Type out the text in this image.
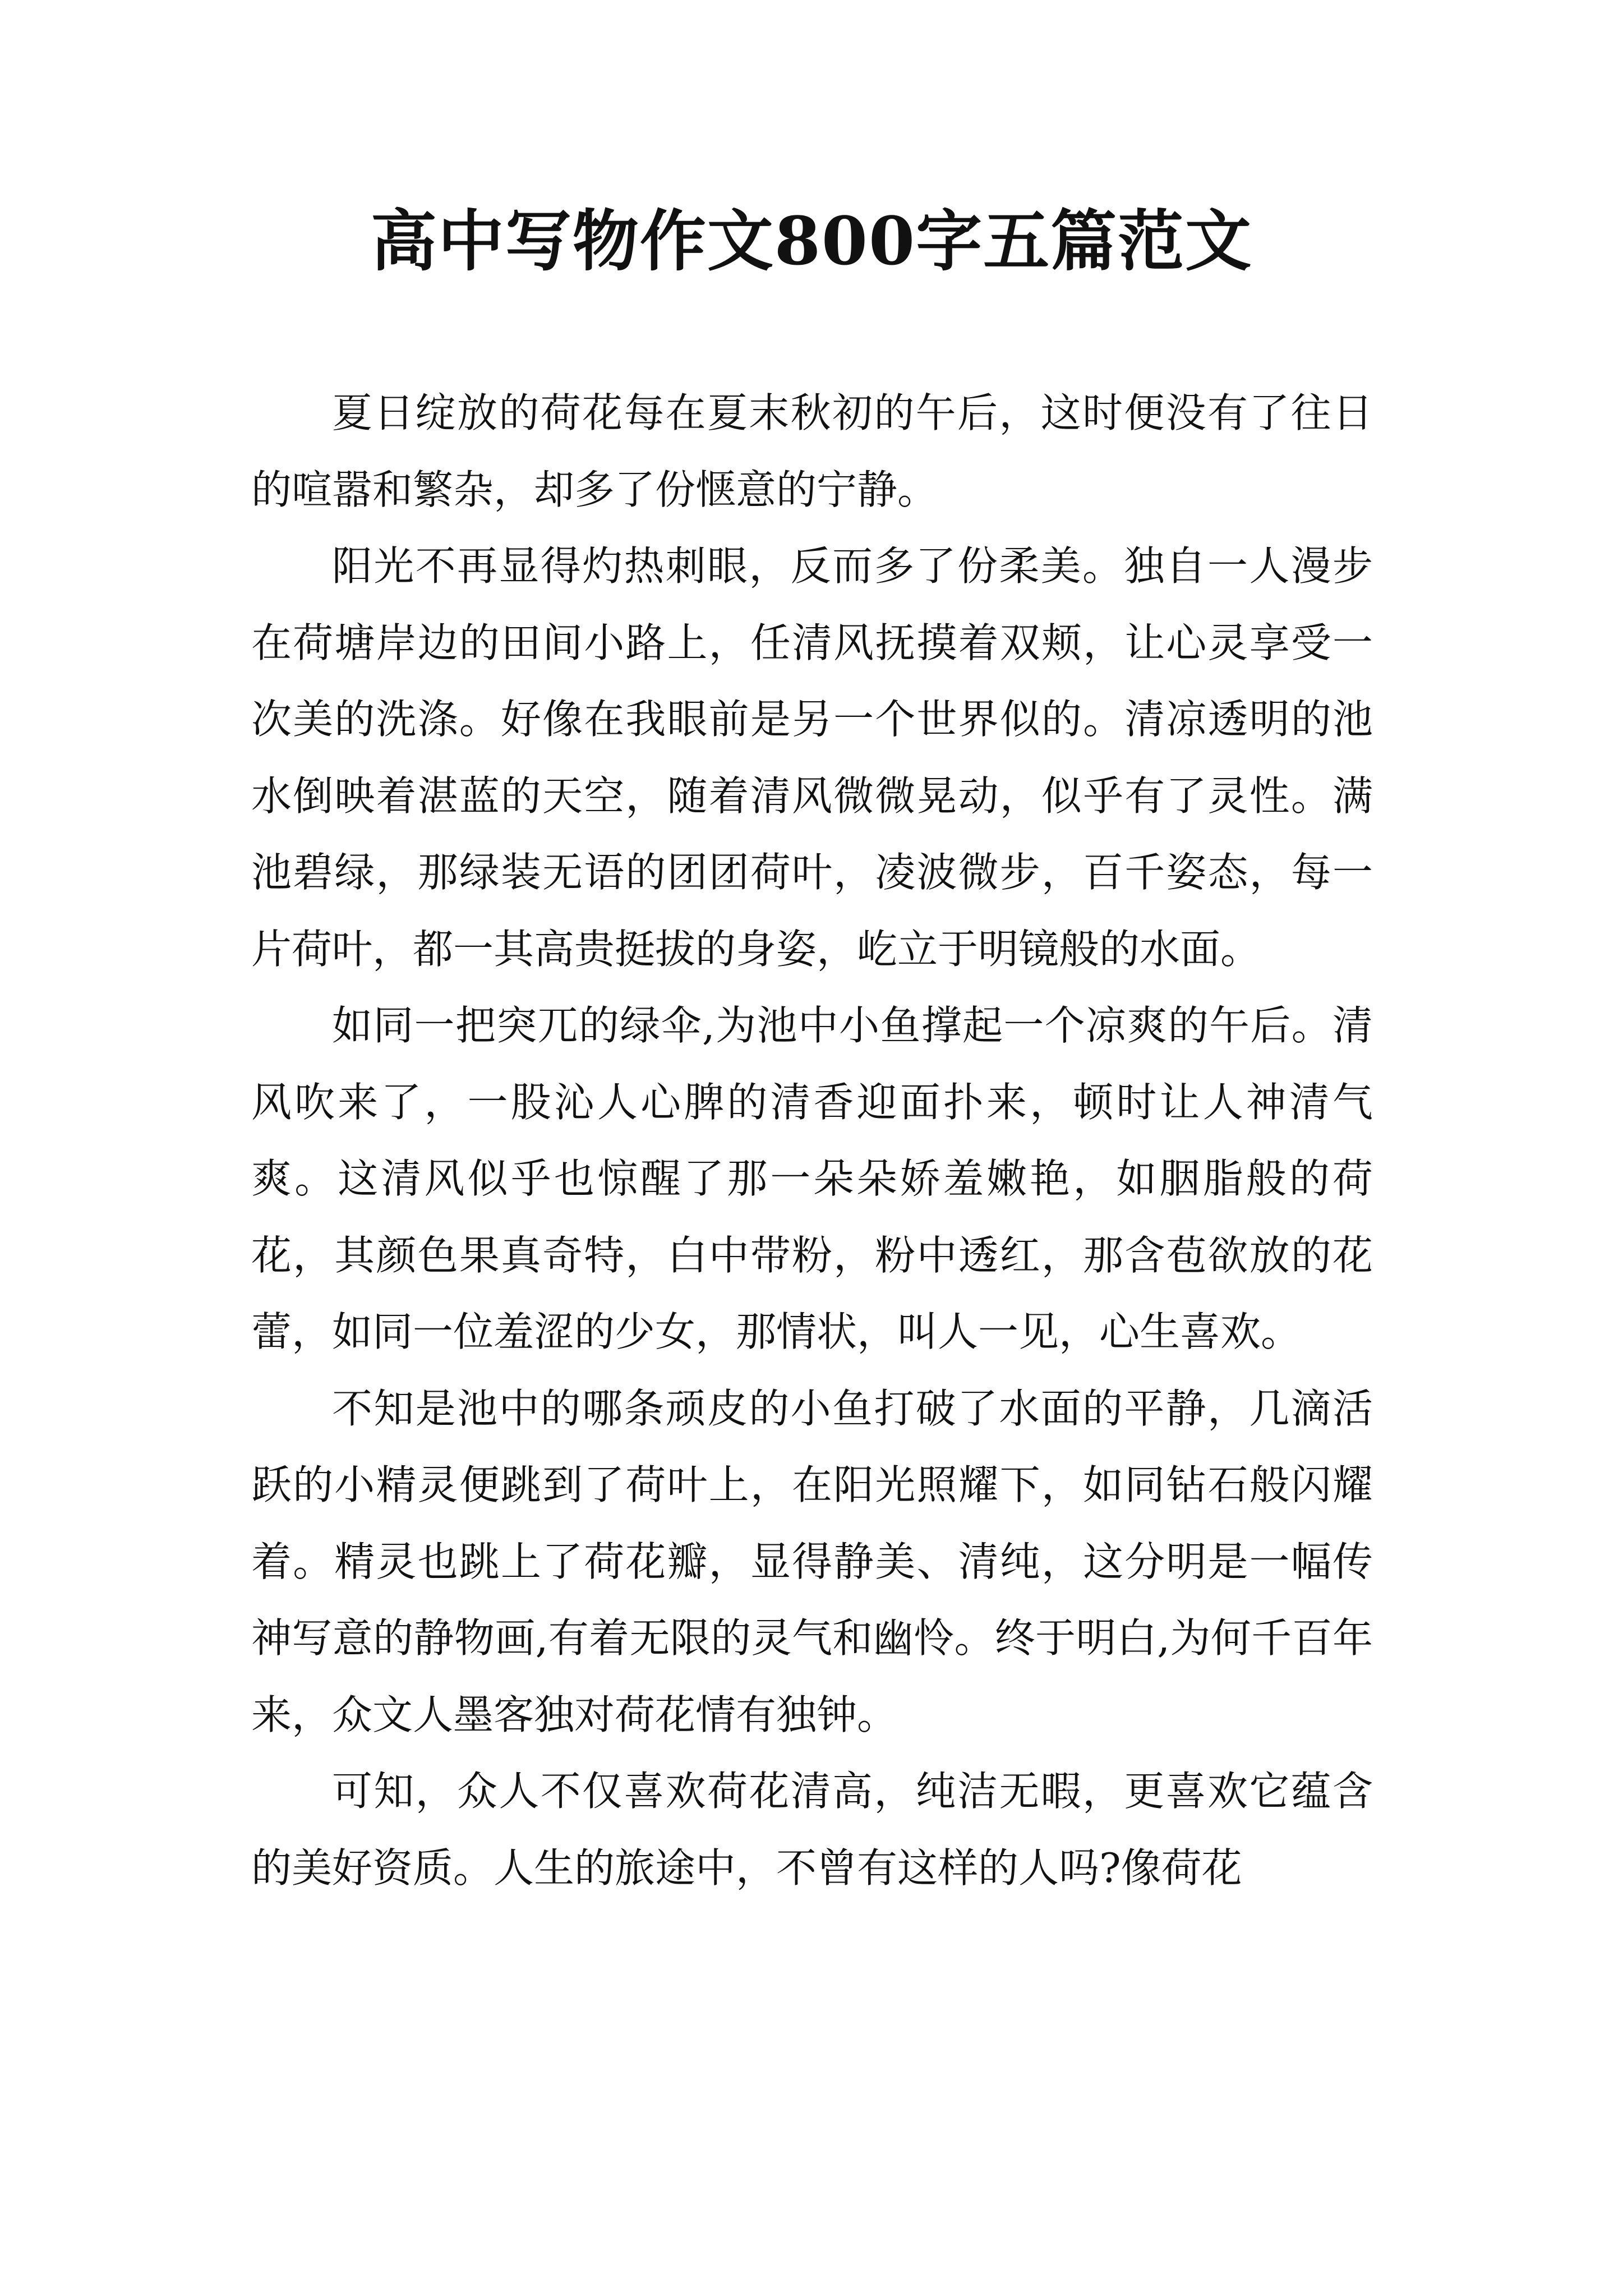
高中写物作文800字五篇范文

夏日绽放的荷花每在夏末秋初的午后，这时便没有了往日的喧嚣和繁杂，却多了份惬意的宁静。

阳光不再显得灼热刺眼，反而多了份柔美。独自一人漫步在荷塘岸边的田间小路上，任清风抚摸着双颊，让心灵享受一次美的洗涤。好像在我眼前是另一个世界似的。清凉透明的池水倒映着湛蓝的天空，随着清风微微晃动，似乎有了灵性。满池碧绿，那绿装无语的团团荷叶，凌波微步，百千姿态，每一片荷叶，都一其高贵挺拔的身姿，屹立于明镜般的水面。

如同一把突兀的绿伞,为池中小鱼撑起一个凉爽的午后。清风吹来了，一股沁人心脾的清香迎面扑来，顿时让人神清气爽。这清风似乎也惊醒了那一朵朵娇羞嫩艳，如胭脂般的荷花，其颜色果真奇特，白中带粉，粉中透红，那含苞欲放的花蕾，如同一位羞涩的少女，那情状，叫人一见，心生喜欢。

不知是池中的哪条顽皮的小鱼打破了水面的平静，几滴活跃的小精灵便跳到了荷叶上，在阳光照耀下，如同钻石般闪耀着。精灵也跳上了荷花瓣，显得静美、清纯，这分明是一幅传神写意的静物画,有着无限的灵气和幽怜。终于明白,为何千百年来，众文人墨客独对荷花情有独钟。

可知，众人不仅喜欢荷花清高，纯洁无暇，更喜欢它蕴含的美好资质。人生的旅途中，不曾有这样的人吗?像荷花
